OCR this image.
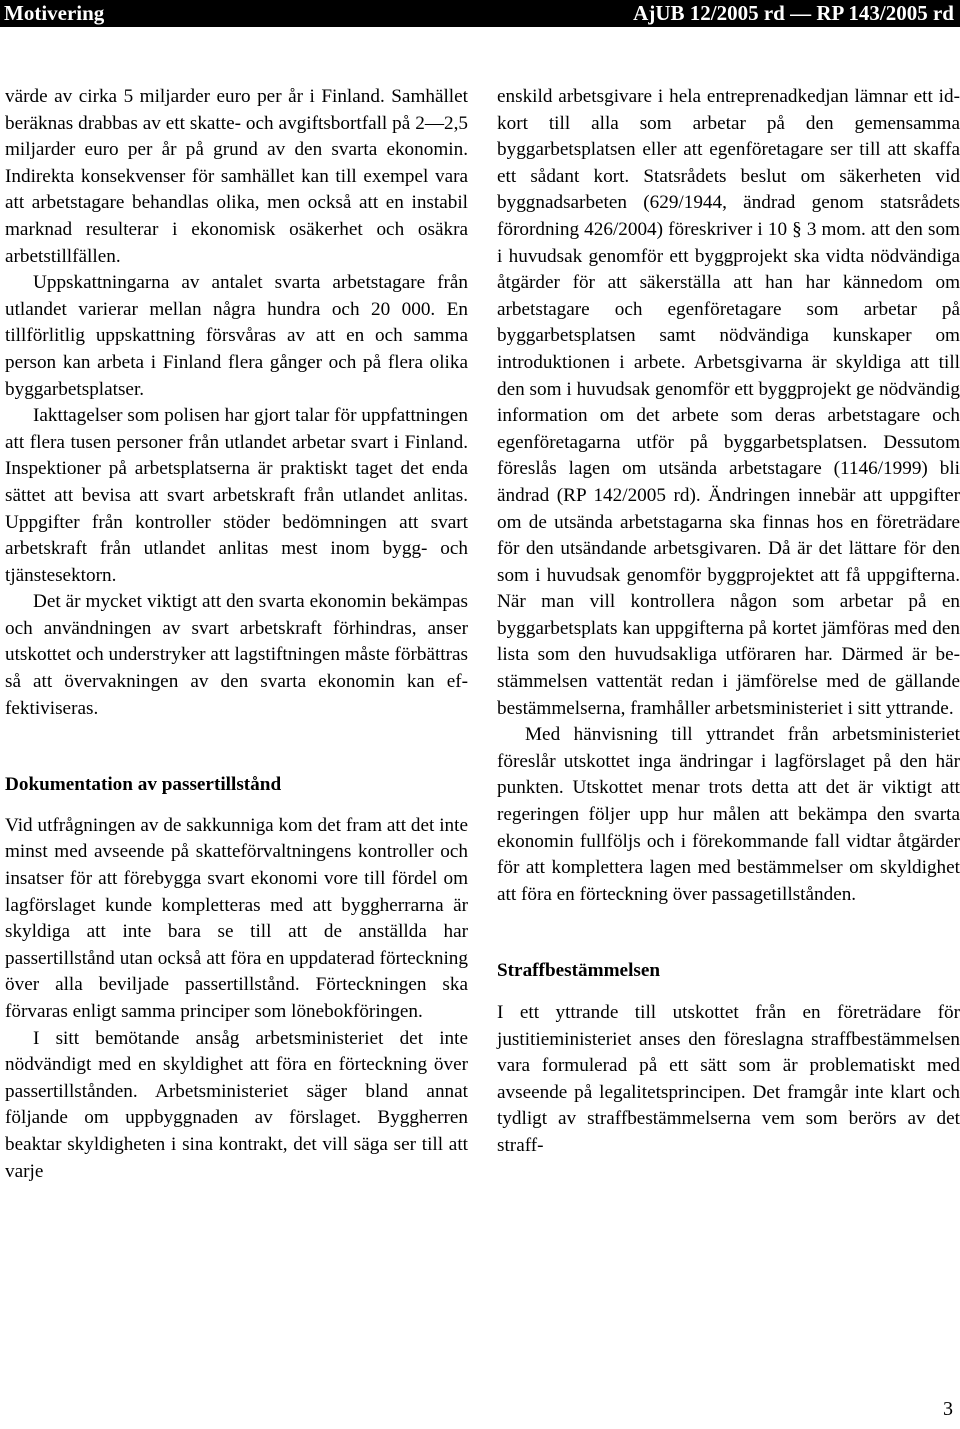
Motivering	AjUB 12/2005 rd — RP 143/2005 rd

värde av cirka 5 miljarder euro per år i Finland. Samhället beräknas drabbas av ett skatte- och avgiftsbortfall på 2—2,5 miljarder euro per år på grund av den svarta ekonomin. Indirekta konsekvenser för samhället kan till exempel vara att arbetstagare behandlas olika, men också att en instabil marknad resulterar i ekonomisk osäkerhet och osäkra arbetstillfällen.

Uppskattningarna av antalet svarta arbetstagare från utlandet varierar mellan några hundra och 20 000. En tillförlitlig uppskattning försvåras av att en och samma person kan arbeta i Finland flera gånger och på flera olika byggarbetsplatser.

Iakttagelser som polisen har gjort talar för uppfattningen att flera tusen personer från utlandet arbetar svart i Finland. Inspektioner på arbetsplatserna är praktiskt taget det enda sättet att bevisa att svart arbetskraft från utlandet anlitas. Uppgifter från kontroller stöder bedömningen att svart arbetskraft från utlandet anlitas mest inom bygg- och tjänstesektorn.

Det är mycket viktigt att den svarta ekonomin bekämpas och användningen av svart arbetskraft förhindras, anser utskottet och understryker att lagstiftningen måste förbättras så att övervakningen av den svarta ekonomin kan effektiviseras.

Dokumentation av passertillstånd

Vid utfrågningen av de sakkunniga kom det fram att det inte minst med avseende på skatteförvaltningens kontroller och insatser för att förebygga svart ekonomi vore till fördel om lagförslaget kunde kompletteras med att byggherrarna är skyldiga att inte bara se till att de anställda har passertillstånd utan också att föra en uppdaterad förteckning över alla beviljade passertillstånd. Förteckningen ska förvaras enligt samma principer som lönebokföringen.

I sitt bemötande ansåg arbetsministeriet det inte nödvändigt med en skyldighet att föra en förteckning över passertillstånden. Arbetsministeriet säger bland annat följande om uppbyggnaden av förslaget. Byggherren beaktar skyldigheten i sina kontrakt, det vill säga ser till att varje

enskild arbetsgivare i hela entreprenadkedjan lämnar ett id-kort till alla som arbetar på den gemensamma byggarbetsplatsen eller att egenföretagare ser till att skaffa ett sådant kort. Statsrådets beslut om säkerheten vid byggnadsarbeten (629/1944, ändrad genom statsrådets förordning 426/2004) föreskriver i 10 § 3 mom. att den som i huvudsak genomför ett byggprojekt ska vidta nödvändiga åtgärder för att säkerställa att han har kännedom om arbetstagare och egenföretagare som arbetar på byggarbetsplatsen samt nödvändiga kunskaper om introduktionen i arbete. Arbetsgivarna är skyldiga att till den som i huvudsak genomför ett byggprojekt ge nödvändig information om det arbete som deras arbetstagare och egenföretagarna utför på byggarbetsplatsen. Dessutom föreslås lagen om utsända arbetstagare (1146/1999) bli ändrad (RP 142/2005 rd). Ändringen innebär att uppgifter om de utsända arbetstagarna ska finnas hos en företrädare för den utsändande arbetsgivaren. Då är det lättare för den som i huvudsak genomför byggprojektet att få uppgifterna. När man vill kontrollera någon som arbetar på en byggarbetsplats kan uppgifterna på kortet jämföras med den lista som den huvudsakliga utföraren har. Därmed är bestämmelsen vattentät redan i jämförelse med de gällande bestämmelserna, framhåller arbetsministeriet i sitt yttrande.

Med hänvisning till yttrandet från arbetsministeriet föreslår utskottet inga ändringar i lagförslaget på den här punkten. Utskottet menar trots detta att det är viktigt att regeringen följer upp hur målen att bekämpa den svarta ekonomin fullföljs och i förekommande fall vidtar åtgärder för att komplettera lagen med bestämmelser om skyldighet att föra en förteckning över passagetillstånden.

Straffbestämmelsen

I ett yttrande till utskottet från en företrädare för justitieministeriet anses den föreslagna straffbestämmelsen vara formulerad på ett sätt som är problematiskt med avseende på legalitetsprincipen. Det framgår inte klart och tydligt av straffbestämmelserna vem som berörs av det straff-

3
